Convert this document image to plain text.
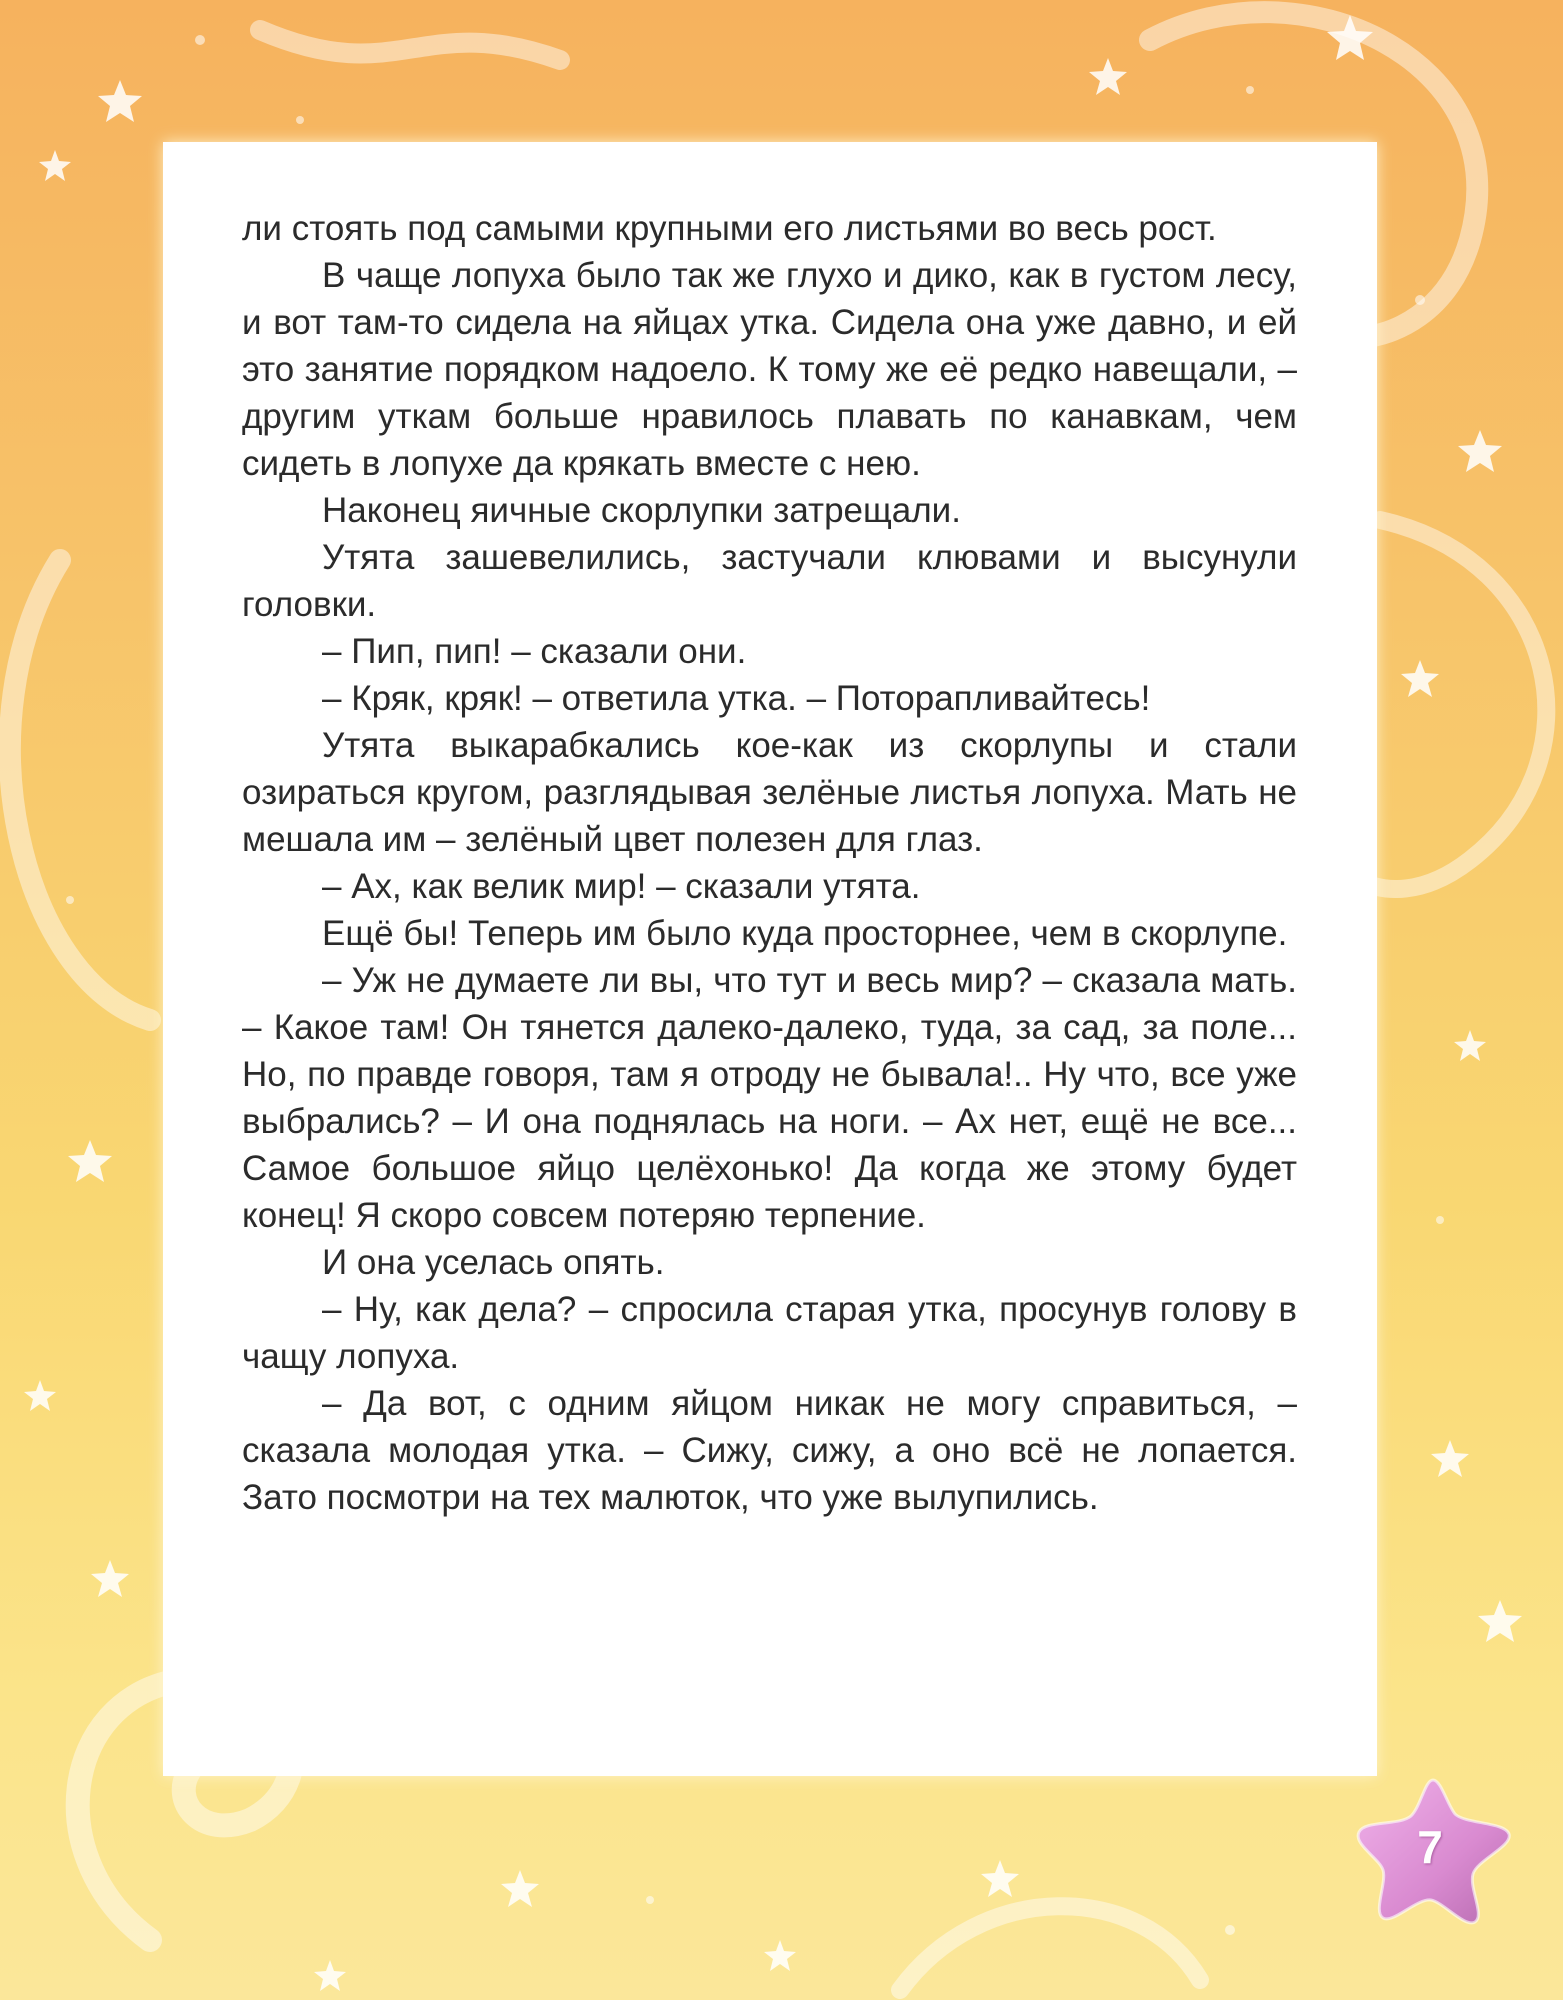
ли стоять под самыми крупными его листьями во весь рост.

В чаще лопуха было так же глухо и дико, как в густом лесу, и вот там-то сидела на яйцах утка. Сидела она уже давно, и ей это занятие порядком надоело. К тому же её редко навещали, – другим уткам больше нравилось плавать по канавкам, чем сидеть в лопухе да крякать вместе с нею.

Наконец яичные скорлупки затрещали.

Утята зашевелились, застучали клювами и высунули головки.

– Пип, пип! – сказали они.

– Кряк, кряк! – ответила утка. – Поторапливайтесь!

Утята выкарабкались кое-как из скорлупы и стали озираться кругом, разглядывая зелёные листья лопуха. Мать не мешала им – зелёный цвет полезен для глаз.

– Ах, как велик мир! – сказали утята.

Ещё бы! Теперь им было куда просторнее, чем в скорлупе.

– Уж не думаете ли вы, что тут и весь мир? – сказала мать. – Какое там! Он тянется далеко-далеко, туда, за сад, за поле... Но, по правде говоря, там я отроду не бывала!.. Ну что, все уже выбрались? – И она поднялась на ноги. – Ах нет, ещё не все... Самое большое яйцо целёхонько! Да когда же этому будет конец! Я скоро совсем потеряю терпение.

И она уселась опять.

– Ну, как дела? – спросила старая утка, просунув голову в чащу лопуха.

– Да вот, с одним яйцом никак не могу справиться, – сказала молодая утка. – Сижу, сижу, а оно всё не лопается. Зато посмотри на тех малюток, что уже вылупились.

7
